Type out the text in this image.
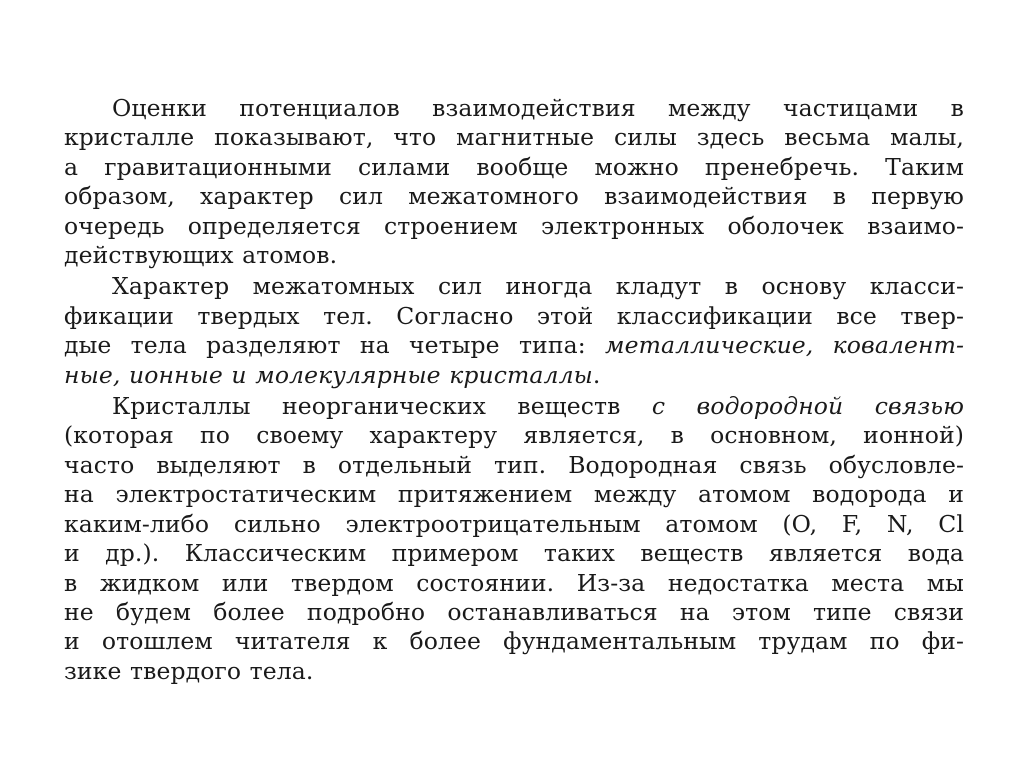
Оценки потенциалов взаимодействия между частицами в
кристалле показывают, что магнитные силы здесь весьма малы,
а гравитационными силами вообще можно пренебречь. Таким
образом, характер сил межатомного взаимодействия в первую
очередь определяется строением электронных оболочек взаимо-
действующих атомов.
Характер межатомных сил иногда кладут в основу класси-
фикации твердых тел. Согласно этой классификации все твер-
дые тела разделяют на четыре типа: металлические, ковалент-
ные, ионные и молекулярные кристаллы.
Кристаллы неорганических веществ с водородной связью
(которая по своему характеру является, в основном, ионной)
часто выделяют в отдельный тип. Водородная связь обусловле-
на электростатическим притяжением между атомом водорода и
каким-либо сильно электроотрицательным атомом (O, F, N, Cl
и др.). Классическим примером таких веществ является вода
в жидком или твердом состоянии. Из-за недостатка места мы
не будем более подробно останавливаться на этом типе связи
и отошлем читателя к более фундаментальным трудам по фи-
зике твердого тела.
